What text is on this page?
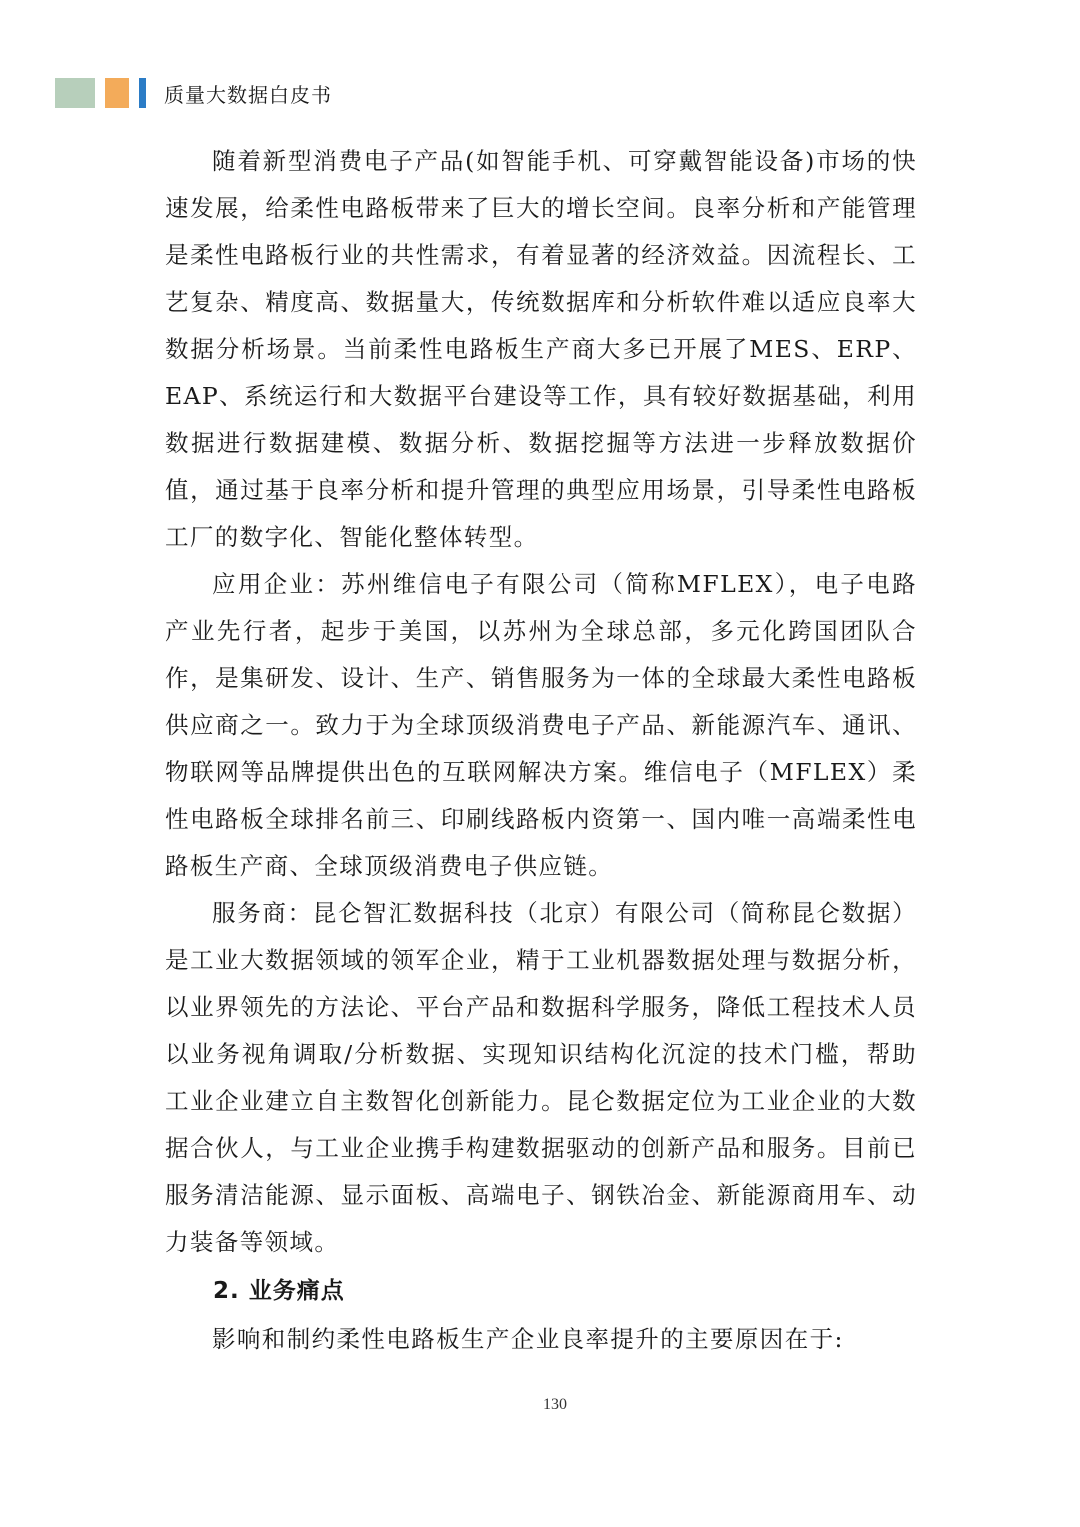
质量大数据白皮书

随着新型消费电子产品(如智能手机、可穿戴智能设备)市场的快速发展，给柔性电路板带来了巨大的增长空间。良率分析和产能管理是柔性电路板行业的共性需求，有着显著的经济效益。因流程长、工艺复杂、精度高、数据量大，传统数据库和分析软件难以适应良率大数据分析场景。当前柔性电路板生产商大多已开展了MES、ERP、EAP、系统运行和大数据平台建设等工作，具有较好数据基础，利用数据进行数据建模、数据分析、数据挖掘等方法进一步释放数据价值，通过基于良率分析和提升管理的典型应用场景，引导柔性电路板工厂的数字化、智能化整体转型。

应用企业：苏州维信电子有限公司（简称MFLEX），电子电路产业先行者，起步于美国，以苏州为全球总部，多元化跨国团队合作，是集研发、设计、生产、销售服务为一体的全球最大柔性电路板供应商之一。致力于为全球顶级消费电子产品、新能源汽车、通讯、物联网等品牌提供出色的互联网解决方案。维信电子（MFLEX）柔性电路板全球排名前三、印刷线路板内资第一、国内唯一高端柔性电路板生产商、全球顶级消费电子供应链。

服务商：昆仑智汇数据科技（北京）有限公司（简称昆仑数据）是工业大数据领域的领军企业，精于工业机器数据处理与数据分析，以业界领先的方法论、平台产品和数据科学服务，降低工程技术人员以业务视角调取/分析数据、实现知识结构化沉淀的技术门槛，帮助工业企业建立自主数智化创新能力。昆仑数据定位为工业企业的大数据合伙人，与工业企业携手构建数据驱动的创新产品和服务。目前已服务清洁能源、显示面板、高端电子、钢铁冶金、新能源商用车、动力装备等领域。

2. 业务痛点

影响和制约柔性电路板生产企业良率提升的主要原因在于:

130
